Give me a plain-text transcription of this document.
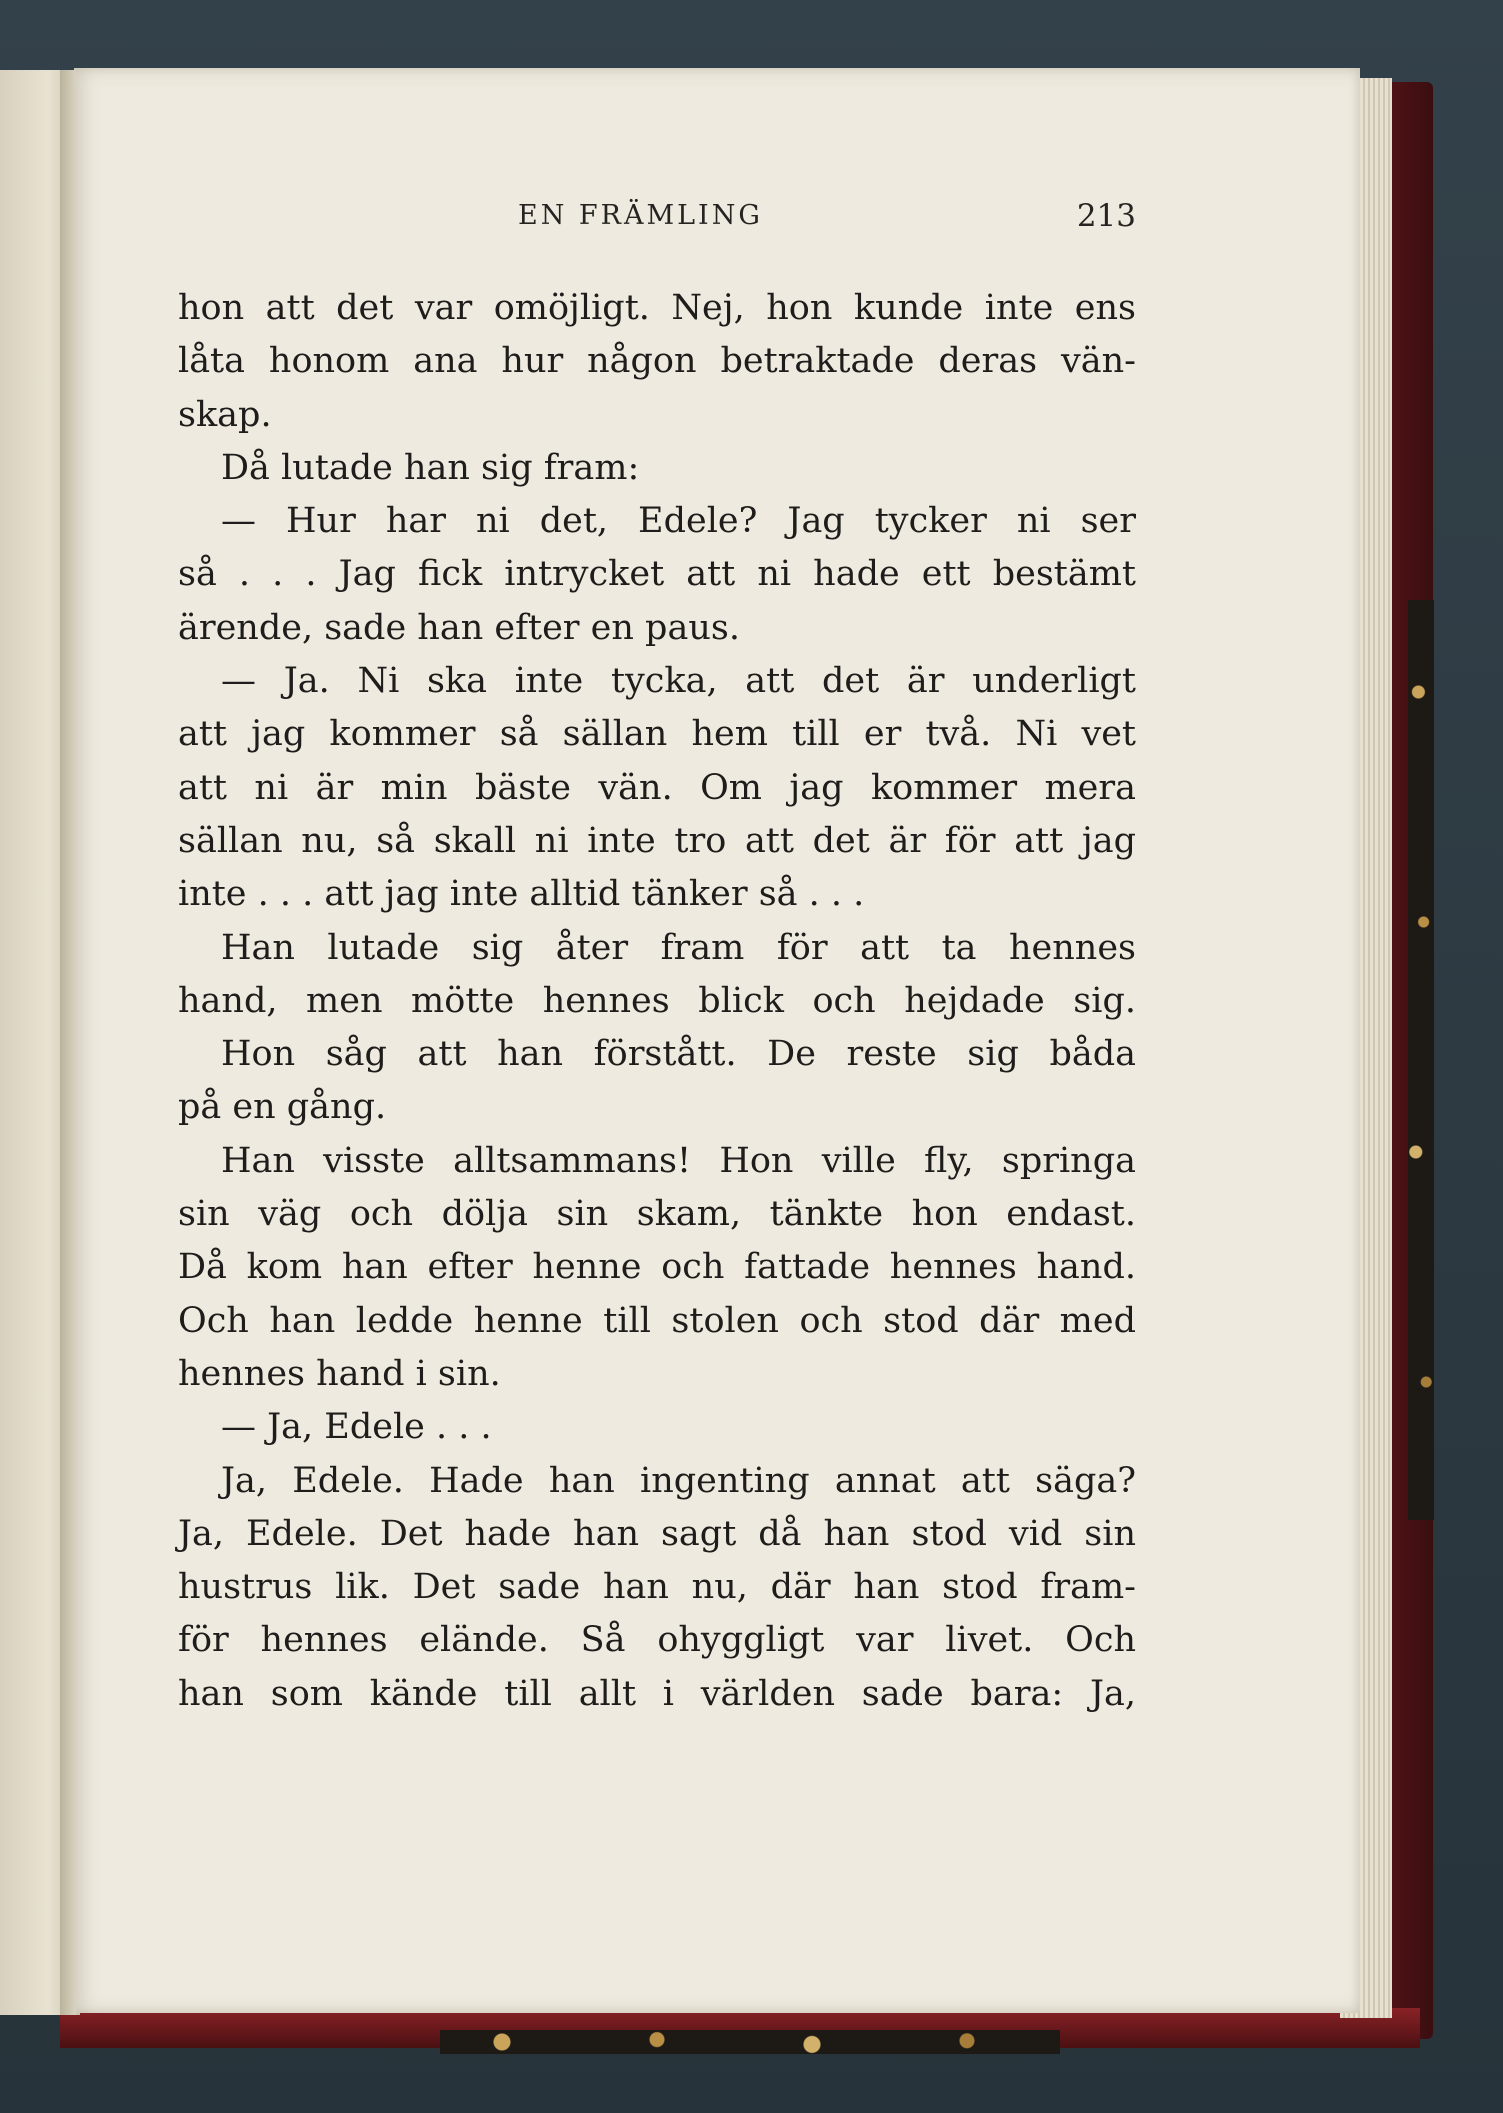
EN FRÄMLING	213
hon att det var omöjligt. Nej, hon kunde inte ens
låta honom ana hur någon betraktade deras vän-
skap.
Då lutade han sig fram:
— Hur har ni det, Edele? Jag tycker ni ser
så . . . Jag fick intrycket att ni hade ett bestämt
ärende, sade han efter en paus.
— Ja. Ni ska inte tycka, att det är underligt
att jag kommer så sällan hem till er två. Ni vet
att ni är min bäste vän. Om jag kommer mera
sällan nu, så skall ni inte tro att det är för att jag
inte . . . att jag inte alltid tänker så . . .
Han lutade sig åter fram för att ta hennes
hand, men mötte hennes blick och hejdade sig.
Hon såg att han förstått. De reste sig båda
på en gång.
Han visste alltsammans! Hon ville fly, springa
sin väg och dölja sin skam, tänkte hon endast.
Då kom han efter henne och fattade hennes hand.
Och han ledde henne till stolen och stod där med
hennes hand i sin.
— Ja, Edele . . .
Ja, Edele. Hade han ingenting annat att säga?
Ja, Edele. Det hade han sagt då han stod vid sin
hustrus lik. Det sade han nu, där han stod fram-
för hennes elände. Så ohyggligt var livet. Och
han som kände till allt i världen sade bara: Ja,
